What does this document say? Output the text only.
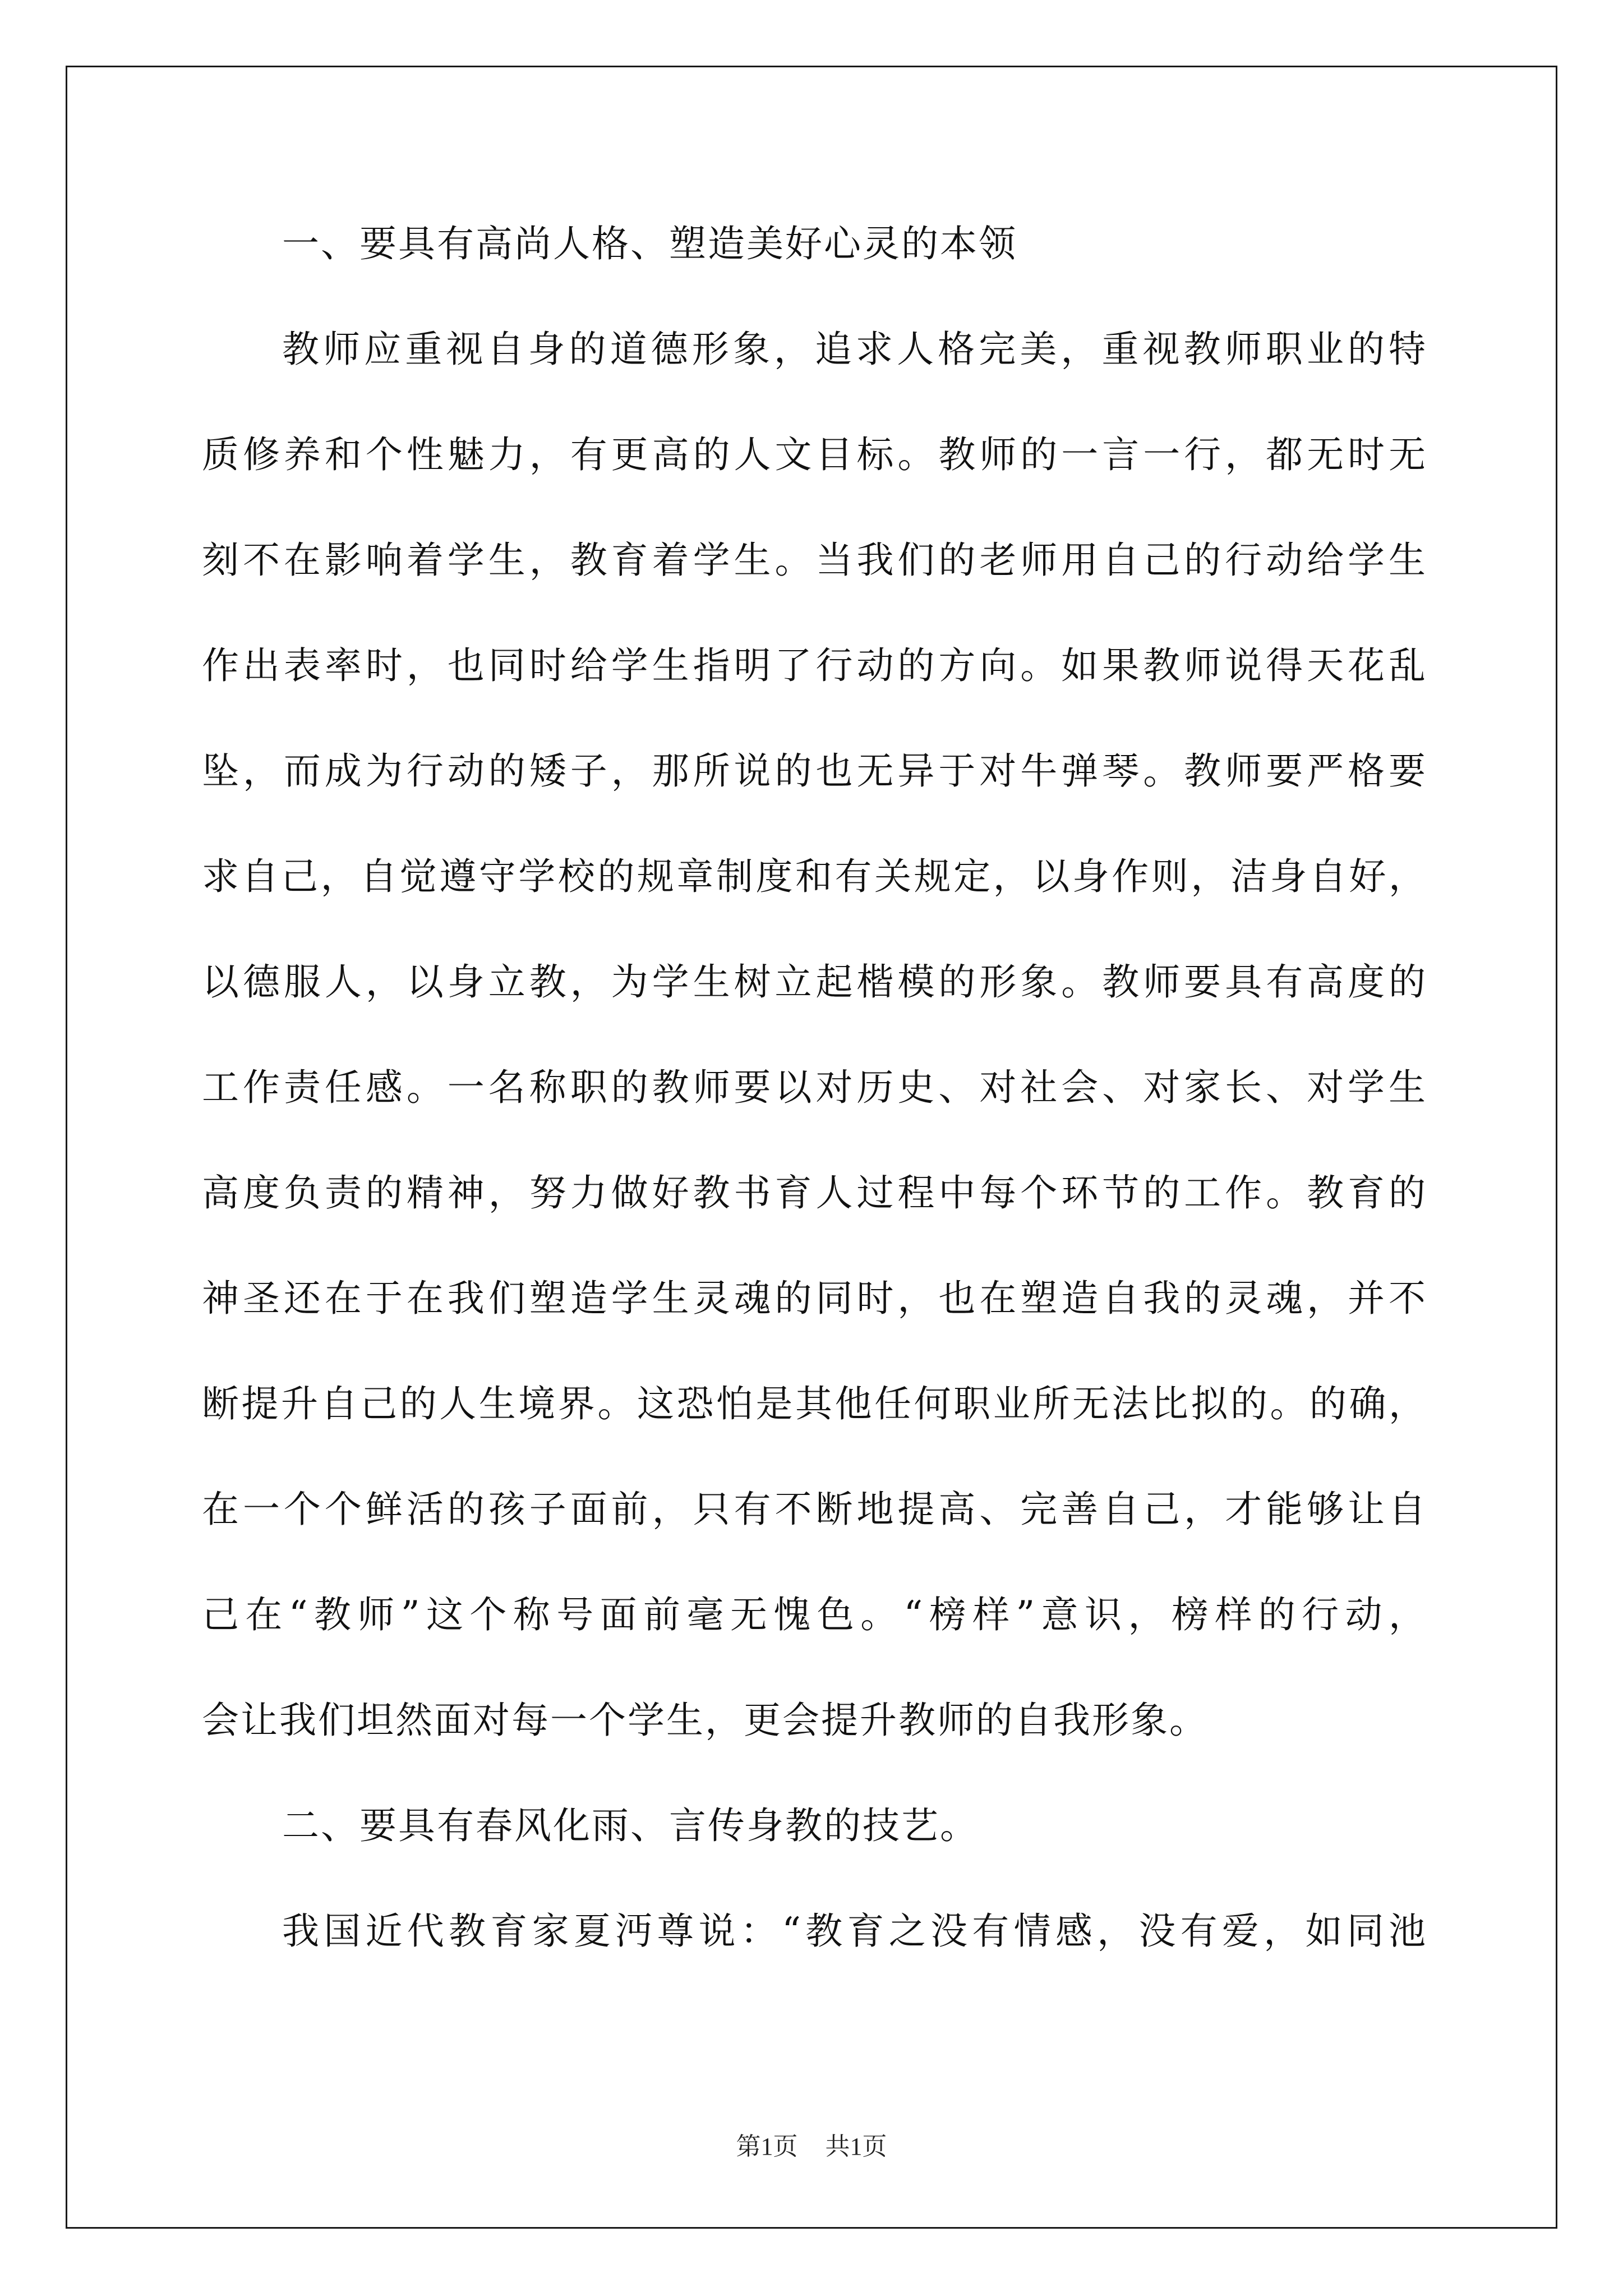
一、要具有高尚人格、塑造美好心灵的本领
教师应重视自身的道德形象，追求人格完美，重视教师职业的特
质修养和个性魅力，有更高的人文目标。教师的一言一行，都无时无
刻不在影响着学生，教育着学生。当我们的老师用自己的行动给学生
作出表率时，也同时给学生指明了行动的方向。如果教师说得天花乱
坠，而成为行动的矮子，那所说的也无异于对牛弹琴。教师要严格要
求自己，自觉遵守学校的规章制度和有关规定，以身作则，洁身自好，
以德服人，以身立教，为学生树立起楷模的形象。教师要具有高度的
工作责任感。一名称职的教师要以对历史、对社会、对家长、对学生
高度负责的精神，努力做好教书育人过程中每个环节的工作。教育的
神圣还在于在我们塑造学生灵魂的同时，也在塑造自我的灵魂，并不
断提升自己的人生境界。这恐怕是其他任何职业所无法比拟的。的确，
在一个个鲜活的孩子面前，只有不断地提高、完善自己，才能够让自
己在“教师”这个称号面前毫无愧色。“榜样”意识，榜样的行动，
会让我们坦然面对每一个学生，更会提升教师的自我形象。
二、要具有春风化雨、言传身教的技艺。
我国近代教育家夏沔尊说：“教育之没有情感，没有爱，如同池
第1页 共1页
